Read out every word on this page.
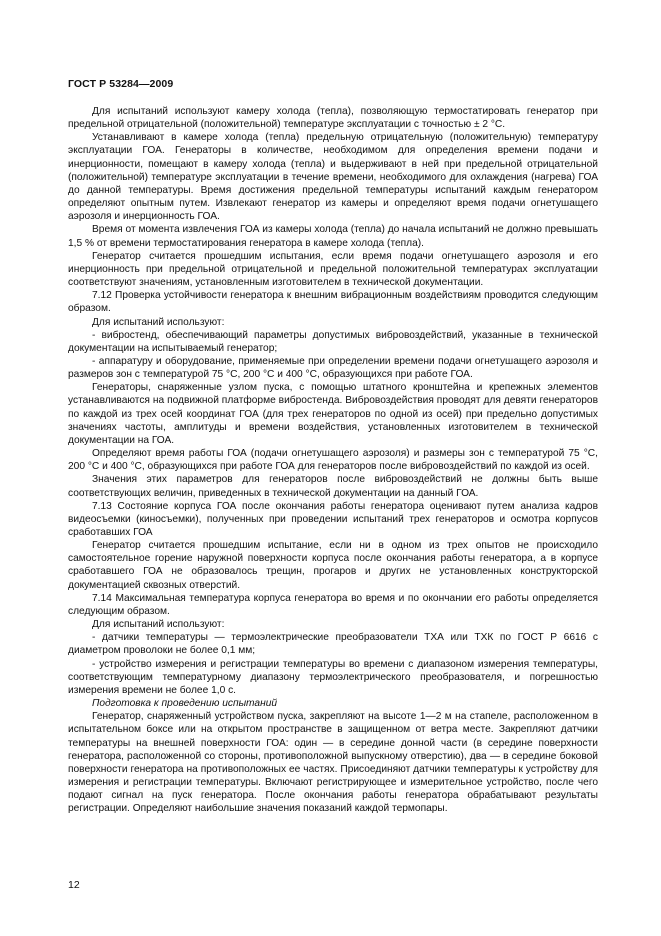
ГОСТ Р 53284—2009

Для испытаний используют камеру холода (тепла), позволяющую термостатировать генератор при предельной отрицательной (положительной) температуре эксплуатации с точностью ± 2 °С.

Устанавливают в камере холода (тепла) предельную отрицательную (положительную) температуру эксплуатации ГОА. Генераторы в количестве, необходимом для определения времени подачи и инерционности, помещают в камеру холода (тепла) и выдерживают в ней при предельной отрицательной (положительной) температуре эксплуатации в течение времени, необходимого для охлаждения (нагрева) ГОА до данной температуры. Время достижения предельной температуры испытаний каждым генератором определяют опытным путем. Извлекают генератор из камеры и определяют время подачи огнетушащего аэрозоля и инерционность ГОА.

Время от момента извлечения ГОА из камеры холода (тепла) до начала испытаний не должно превышать 1,5 % от времени термостатирования генератора в камере холода (тепла).

Генератор считается прошедшим испытания, если время подачи огнетушащего аэрозоля и его инерционность при предельной отрицательной и предельной положительной температурах эксплуатации соответствуют значениям, установленным изготовителем в технической документации.

7.12 Проверка устойчивости генератора к внешним вибрационным воздействиям проводится следующим образом.

Для испытаний используют:

- вибростенд, обеспечивающий параметры допустимых вибровоздействий, указанные в технической документации на испытываемый генератор;

- аппаратуру и оборудование, применяемые при определении времени подачи огнетушащего аэрозоля и размеров зон с температурой 75 °С, 200 °С и 400 °С, образующихся при работе ГОА.

Генераторы, снаряженные узлом пуска, с помощью штатного кронштейна и крепежных элементов устанавливаются на подвижной платформе вибростенда. Вибровоздействия проводят для девяти генераторов по каждой из трех осей координат ГОА (для трех генераторов по одной из осей) при предельно допустимых значениях частоты, амплитуды и времени воздействия, установленных изготовителем в технической документации на ГОА.

Определяют время работы ГОА (подачи огнетушащего аэрозоля) и размеры зон с температурой 75 °С, 200 °С и 400 °С, образующихся при работе ГОА для генераторов после вибровоздействий по каждой из осей.

Значения этих параметров для генераторов после вибровоздействий не должны быть выше соответствующих величин, приведенных в технической документации на данный ГОА.

7.13 Состояние корпуса ГОА после окончания работы генератора оценивают путем анализа кадров видеосъемки (киносъемки), полученных при проведении испытаний трех генераторов и осмотра корпусов сработавших ГОА

Генератор считается прошедшим испытание, если ни в одном из трех опытов не происходило самостоятельное горение наружной поверхности корпуса после окончания работы генератора, а в корпусе сработавшего ГОА не образовалось трещин, прогаров и других не установленных конструкторской документацией сквозных отверстий.

7.14 Максимальная температура корпуса генератора во время и по окончании его работы определяется следующим образом.

Для испытаний используют:

- датчики температуры — термоэлектрические преобразователи ТХА или ТХК по ГОСТ Р 6616 с диаметром проволоки не более 0,1 мм;

- устройство измерения и регистрации температуры во времени с диапазоном измерения температуры, соответствующим температурному диапазону термоэлектрического преобразователя, и погрешностью измерения времени не более 1,0 с.

Подготовка к проведению испытаний

Генератор, снаряженный устройством пуска, закрепляют на высоте 1—2 м на стапеле, расположенном в испытательном боксе или на открытом пространстве в защищенном от ветра месте. Закрепляют датчики температуры на внешней поверхности ГОА: один — в середине донной части (в середине поверхности генератора, расположенной со стороны, противоположной выпускному отверстию), два — в середине боковой поверхности генератора на противоположных ее частях. Присоединяют датчики температуры к устройству для измерения и регистрации температуры. Включают регистрирующее и измерительное устройство, после чего подают сигнал на пуск генератора. После окончания работы генератора обрабатывают результаты регистрации. Определяют наибольшие значения показаний каждой термопары.

12
